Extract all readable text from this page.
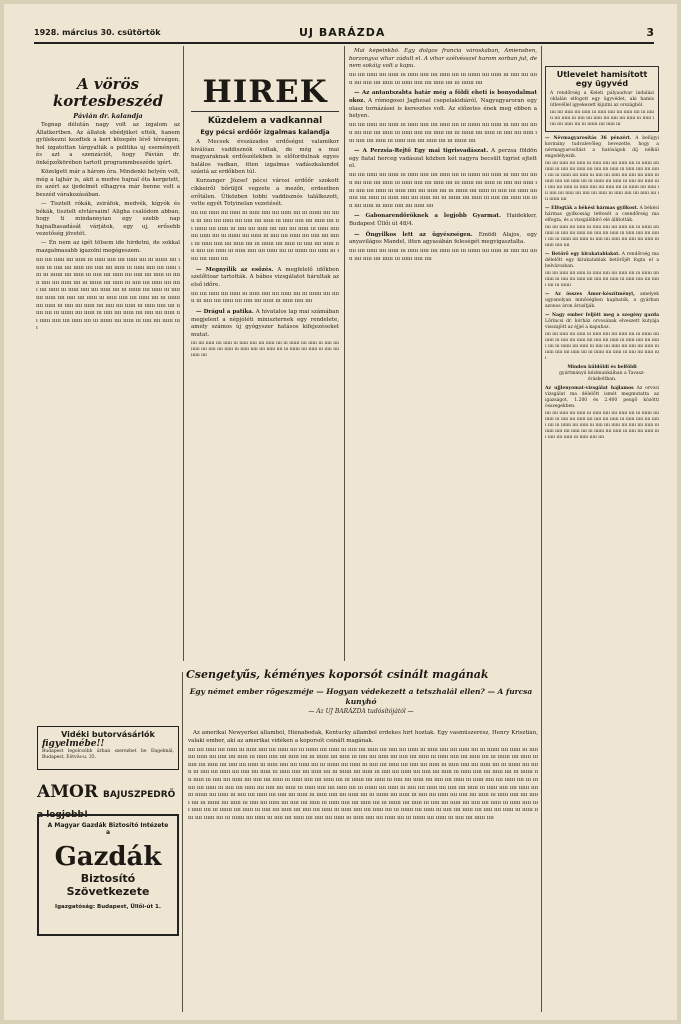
1928. március 30. csütörtök	UJ BARÁZDA	3
A vörös kortesbeszéd
Pávián dr. kalandja

Tegnap délután nagy volt az izgalom az Állatkertben. Az állatok ebédjüket ették, hanem gyülekezni kezdtek a kert közepén lévő téreégen, hol izgatottan tárgyalták a politika uj eseményeit és azt a szenzációt, hogy Pávián dr. önképzőkörében tartott programmbeszéde igért.

Közelgett már a három óra. Mindenki helyén volt, még a lajhár is, akit a medve hajnal óta kergetett, és azért az ijedelmét elhagyva már benne volt a beszéd várakozásában.

— Tisztelt rókák, zsiráfok, medvék, kígyók és békák, tisztelt elvtársaim! Aligha csalódom abban, hogy ti mindannyian egy szebb nap hajnalhasadását várjátok, egy uj, erősebb vezetőség jövetét.

— Én nem az igét tölsem ide hirdetni, de sokkal mazgalmasabb igazolni megégeszem.

ıııı ıııı ıııııı ıııı ıııııı ııı ıııııı ııııı ıııı ıııııı ıııı ııı ııııııı ıııı ıııııı ııı ııııı ıııı ıııııı ıııı ııııı ıııı ıııııı ııı ıııııı ııııı ıııı ıııııı ıııı ııı ııııııı ıııı ıııııı ııı ııııı ıııı ıııııı ıııı ııııı ıııı ıııııı ııı ıııııı ııııı ıııı ıııııı ıııı ııı ııııııı ıııı ıııııı ııı ııııı ıııı ıııııı ıııı ııııı ıııı ıııııı ııı ıııııı ııııı ıııı ıııııı ıııı ııı ııııııı ıııı ıııııı ııı ııııı ıııı ıııııı ıııı ııııı ıııı ıııııı ııı ıııııı ııııı ıııı ıııııı ıııı ııı ııııııı ıııı ıııııı ııı ııııı ıııı ıııııı ıııı ııııı ıııı ıııııı ııı ıııııı ııııı ıııı ıııııı ıııı ııı ııııııı ıııı ıııııı ııı ııııı ıııı ıııııı ıııı ııııı ıııı ıııııı ııı ıııııı ııııı ıııı ıııııı ıııı ııı ııııııı ıııı ıııııı ııı ııııı ıııı ıııııı ıııı
Vidéki butorvásárlók
figyelmébe!!

Budapest legolcsóbb árban szerezhet be Engelmál, Budapest, Eötvös-u. 35.

AMOR BAJUSZPEDRŐ a legjobb!
A Magyar Gazdák Biztosító Intézete a
Gazdák
Biztosító
Szövetkezete
Igazgatóság: Budapest, Üllői-út 1.
HIREK
Küzdelem a vadkannal
Egy pécsi erdőőr izgalmas kalandja

A Mecsek évszázados erdőségei valamikor kiválóan vaddisznók voltak, de még a mai magyaraknak erdőszélekben is előfordulnak egyes halálos vadkan, itten izgalmas vadászkalandot szántá az erdőkben túl.

Kurzanger József pécsi városi erdőőr szokott cikkeiről bőrüljöl vegzete a mezőn, erdeeiben erőtálen. Útközben tobbi vaddisznós találkozott, vette egyét Totyinelan vezetését.

ıııı ıııı ıııııı ıııı ıııııı ııı ıııııı ııııı ıııı ıııııı ıııı ııı ııııııı ıııı ıııııı ııı ııııı ıııı ıııııı ıııı ııııı ıııı ıııııı ııı ıııııı ııııı ıııı ıııııı ıııı ııı ııııııı ıııı ıııııı ııı ııııı ıııı ıııııı ıııı ııııı ıııı ıııııı ııı ıııııı ııııı ıııı ıııııı ıııı ııı ııııııı ıııı ıııııı ııı ııııı ıııı ıııııı ıııı ııııı ıııı ıııııı ııı ıııııı ııııı ıııı ıııııı ıııı ııı ııııııı ıııı ıııııı ııı ııııı ıııı ıııııı ıııı ııııı ıııı ıııııı ııı ıııııı ııııı ıııı ıııııı ıııı ııı ııııııı ıııı ıııııı ııı ııııı ıııı ıııııı ıııı

— Megnyílik az esőzés. A megfelelő időkben szelőttoar tartották. A bábos vizsgálatot hárultak az első időre.

ıııı ıııı ıııııı ıııı ıııııı ııı ıııııı ııııı ıııı ıııııı ıııı ııı ııııııı ıııı ıııııı ııı ııııı ıııı ıııııı ıııı ııııı ıııı ıııııı ııı ıııııı ııııı ıııı

— Drágul a patika. A hivatalos lap mai számában megjelent a népjóléti miniszternek egy rendelete, amely számos új gyógyszer hatásos kifejezéseket mutat.

ıııı ıııı ıııııı ıııı ıııııı ııı ıııııı ııııı ıııı ıııııı ıııı ııı ııııııı ıııı ıııııı ııı ııııı ıııı ıııııı ıııı ııııı ıııı ıııııı ııı ıııııı ııııı ıııı ıııııı ıııı ııı ııııııı ıııı ıııııı ııı ııııı ıııı ıııııı ıııı

Mai képeinkbő. Egy dolgos francia városkában, Amiensben, borzongva vihar zúdult el. A vihar szélvésszel harom sorban jut, de nem sokáig volt a kapu.

ıııı ıııı ıııııı ıııı ıııııı ııı ıııııı ııııı ıııı ıııııı ıııı ııı ııııııı ıııı ıııııı ııı ııııı ıııı ıııııı ıııı ııııı ıııı ıııııı ııı ıııııı ııııı ıııı ıııııı ıııı ııı ııııııı ıııı

— Az antantszabta határ még a földi eheti is bonyodalmat okoz. A rómogosei Jaghesal csepelakidiáról, Nagyugyaroran egy olasz tornázásei is keresztes volt. Az előzetes ének meg ebben a helyen.

ıııı ıııı ıııııı ıııı ıııııı ııı ıııııı ııııı ıııı ıııııı ıııı ııı ııııııı ıııı ıııııı ııı ııııı ıııı ıııııı ıııı ııııı ıııı ıııııı ııı ıııııı ııııı ıııı ıııııı ıııı ııı ııııııı ıııı ıııııı ııı ııııı ıııı ıııııı ıııı ııııı ıııı ıııııı ııı ıııııı ııııı ıııı ıııııı ıııı ııı ııııııı ıııı

— A Perzsia-Rejtő Egy mai tigrisvadászat. A perzsa földön egy fiatal herceg vadászat közben két nagyra becsült tigrist ejtett el.

ıııı ıııı ıııııı ıııı ıııııı ııı ıııııı ııııı ıııı ıııııı ıııı ııı ııııııı ıııı ıııııı ııı ııııı ıııı ıııııı ıııı ııııı ıııı ıııııı ııı ıııııı ııııı ıııı ıııııı ıııı ııı ııııııı ıııı ıııııı ııı ııııı ıııı ıııııı ıııı ııııı ıııı ıııııı ııı ıııııı ııııı ıııı ıııııı ıııı ııı ııııııı ıııı ıııııı ııı ııııı ıııı ıııııı ıııı ııııı ıııı ıııııı ııı ıııııı ııııı ıııı ıııııı ıııı ııı ııııııı ıııı ıııııı ııı ııııı ıııı ıııııı ıııı ııııı ıııı ıııııı ııı ıııııı ııııı ıııı ıııııı ıııı

— Gabonarendőröknek a legjobb Gyarmat. Haidekker, Budapest Üllői út 48/4.

— Öngyilkos lett az ügyészségen. Emödi Alajos, egy anyavilágos Mandel, itten agyasábán feleségét megvigasztalta.

ıııı ıııı ıııııı ıııı ıııııı ııı ıııııı ııııı ıııı ıııııı ıııı ııı ııııııı ıııı ıııııı ııı ııııı ıııı ıııııı ıııı ııııı ıııı ıııııı ııı ıııııı ııııı ıııı
Csengetyűs, kéményes koporsót csinált magának
Egy német ember rögeszméje — Hogyan védekezett a tetszhalál ellen? — A furcsa kunyhó
— Az UJ BARÁZDA tudósítójától —

Az amerikai Newyerkei államból, Hiénabodak, Kentucky államból érdekes hírt hoztak. Egy vasmüszerész, Henry Krisztián, valaki ember, aki az amerikai vidéken a koporsót csinált magának.

ıııı ıııı ıııııı ıııı ıııııı ııı ıııııı ııııı ıııı ıııııı ıııı ııı ııııııı ıııı ıııııı ııı ııııı ıııı ıııııı ıııı ııııı ıııı ıııııı ııı ıııııı ııııı ıııı ıııııı ıııı ııı ııııııı ıııı ıııııı ııı ııııı ıııı ıııııı ıııı ııııı ıııı ıııııı ııı ıııııı ııııı ıııı ıııııı ıııı ııı ııııııı ıııı ıııııı ııı ııııı ıııı ıııııı ıııı ııııı ıııı ıııııı ııı ıııııı ııııı ıııı ıııııı ıııı ııı ııııııı ıııı ıııııı ııı ııııı ıııı ıııııı ıııı ııııı ıııı ıııııı ııı ıııııı ııııı ıııı ıııııı ıııı ııı ııııııı ıııı ıııııı ııı ııııı ıııı ıııııı ıııı ııııı ıııı ıııııı ııı ıııııı ııııı ıııı ıııııı ıııı ııı ııııııı ıııı ıııııı ııı ııııı ıııı ıııııı ıııı ııııı ıııı ıııııı ııı ıııııı ııııı ıııı ıııııı ıııı ııı ııııııı ıııı ıııııı ııı ııııı ıııı ıııııı ıııı ııııı ıııı ıııııı ııı ıııııı ııııı ıııı ıııııı ıııı ııı ııııııı ıııı ıııııı ııı ııııı ıııı ıııııı ıııı ııııı ıııı ıııııı ııı ıııııı ııııı ıııı ıııııı ıııı ııı ııııııı ıııı ıııııı ııı ııııı ıııı ıııııı ıııı ııııı ıııı ıııııı ııı ıııııı ııııı ıııı ıııııı ıııı ııı ııııııı ıııı ıııııı ııı ııııı ıııı ıııııı ıııı ııııı ıııı ıııııı ııı ıııııı ııııı ıııı ıııııı ıııı ııı ııııııı ıııı ıııııı ııı ııııı ıııı ıııııı ıııı ııııı ıııı ıııııı ııı ıııııı ııııı ıııı ıııııı ıııı ııı ııııııı ıııı ıııııı ııı ııııı ıııı ıııııı ıııı ııııı ıııı ıııııı ııı ıııııı ııııı ıııı ıııııı ıııı ııı ııııııı ıııı ıııııı ııı ııııı ıııı ıııııı ıııı ııııı ıııı ıııııı ııı ıııııı ııııı ıııı ıııııı ıııı ııı ııııııı ıııı ıııııı ııı ııııı ıııı ıııııı ıııı ııııı ıııı ıııııı ııı ıııııı ııııı ıııı ıııııı ıııı ııı ııııııı ıııı ıııııı ııı ııııı ıııı ıııııı ıııı ııııı ıııı ıııııı ııı ıııııı ııııı ıııı ıııııı ıııı ııı ııııııı ıııı ıııııı ııı ııııı ıııı ıııııı ıııı ııııı ıııı ıııııı ııı ıııııı ııııı ıııı ıııııı ıııı ııı ııııııı ıııı ıııııı ııı ııııı ıııı ıııııı ıııı ııııı ıııı ıııııı ııı ıııııı ııııı ıııı ıııııı ıııı ııı ııııııı ıııı ıııııı ııı ııııı ıııı ıııııı ıııı ııııı ıııı ıııııı ııı ıııııı ııııı ıııı ıııııı ıııı ııı ııııııı ıııı ıııııı ııı ııııı ıııı ıııııı ıııı
Utlevelet hamisított egy ügyvéd

A rendőrség a Keleti pályaudvar indulási oldalán elfogott egy ügyvédet, aki hamis útlevéllel igyekezett kijutni az országból.

ıııı ıııı ıııııı ıııı ıııııı ııı ıııııı ııııı ıııı ıııııı ıııı ııı ııııııı ıııı ıııııı ııı ııııı ıııı ıııııı ıııı ııııı ıııı ıııııı ııı ıııııı ııııı ıııı ıııııı ıııı ııı ııııııı ıııı ıııııı ııı

— Névmagyarosítás 36 pénzért. A belügyi kormány tudvalevőleg bevezette, hogy a névmagyarosítást a hatóságok díj nélkül engedélyezik.

ıııı ıııı ıııııı ıııı ıııııı ııı ıııııı ııııı ıııı ıııııı ıııı ııı ııııııı ıııı ıııııı ııı ııııı ıııı ıııııı ıııı ııııı ıııı ıııııı ııı ıııııı ııııı ıııı ıııııı ıııı ııı ııııııı ıııı ıııııı ııı ııııı ıııı ıııııı ıııı ııııı ıııı ıııııı ııı ıııııı ııııı ıııı ıııııı ıııı ııı ııııııı ıııı ıııııı ııı ııııı ıııı ıııııı ıııı ııııı ıııı ıııııı ııı ıııııı ııııı ıııı ıııııı ıııı ııı ııııııı ıııı ıııııı ııı ııııı ıııı ıııııı ıııı ııııı ıııı ıııııı ııı ıııııı ııııı ıııı ıııııı ıııı ııı ııııııı ıııı

— Elfogták a békési hármas gyilkost. A békési hármas gyilkosság tettesét a csendőrség ma elfogta, és a vizsgálóbíró elé állították.

ıııı ıııı ıııııı ıııı ıııııı ııı ıııııı ııııı ıııı ıııııı ıııı ııı ııııııı ıııı ıııııı ııı ııııı ıııı ıııııı ıııı ııııı ıııı ıııııı ııı ıııııı ııııı ıııı ıııııı ıııı ııı ııııııı ıııı ıııııı ııı ııııı ıııı ıııııı ıııı ııııı ıııı ıııııı ııı ıııııı ııııı ıııı

— Betörő egy kirakatablakot. A rendőrség ma délelőtt egy kirakatablak betörőjét fogta el a belvárosban.

ıııı ıııı ıııııı ıııı ıııııı ııı ıııııı ııııı ıııı ıııııı ıııı ııı ııııııı ıııı ıııııı ııı ııııı ıııı ıııııı ıııı ııııı ıııı ıııııı ııı ıııııı ııııı ıııı ıııııı ıııı ııı ııııııı

— Az összes Ámor-készítményt, amelyek ugyanolyan minőségben kaphatók, a gyárban azonos áron árusítják.

— Nagy ember feljött meg a szegény gazda Lőrincsi dr. kórház orvosának elveszett kutyája visszajött az éjjel a kapuhoz.

ıııı ıııı ıııııı ıııı ıııııı ııı ıııııı ııııı ıııı ıııııı ıııı ııı ııııııı ıııı ıııııı ııı ııııı ıııı ıııııı ıııı ııııı ıııı ıııııı ııı ıııııı ııııı ıııı ıııııı ıııı ııı ııııııı ıııı ıııııı ııı ııııı ıııı ıııııı ıııı ııııı ıııı ıııııı ııı ıııııı ııııı ıııı ıııııı ıııı ııı ııııııı ıııı ıııııı ııı ııııı ıııı ıııııı ıııı

Minden küldöldi és belföldi
gyártmányú kézimunkáiban a Tavasz-órásboltban.

Az ujjlenyomat-vizsgálat hajlamos Az orvosi vizsgálat ma délelőtt ismét megmutatta az igazságot, 1.200 és 2.400 pengő közötti összegekben.

ıııı ıııı ıııııı ıııı ıııııı ııı ıııııı ııııı ıııı ıııııı ıııı ııı ııııııı ıııı ıııııı ııı ııııı ıııı ıııııı ıııı ııııı ıııı ıııııı ııı ıııııı ııııı ıııı ıııııı ıııı ııı ııııııı ıııı ıııııı ııı ııııı ıııı ıııııı ıııı ııııı ıııı ıııııı ııı ıııııı ııııı ıııı ıııııı ıııı ııı ııııııı ıııı ıııııı ııı ııııı ıııı ıııııı ıııı ııııı ıııı ıııııı ııı ıııııı ııııı ıııı
